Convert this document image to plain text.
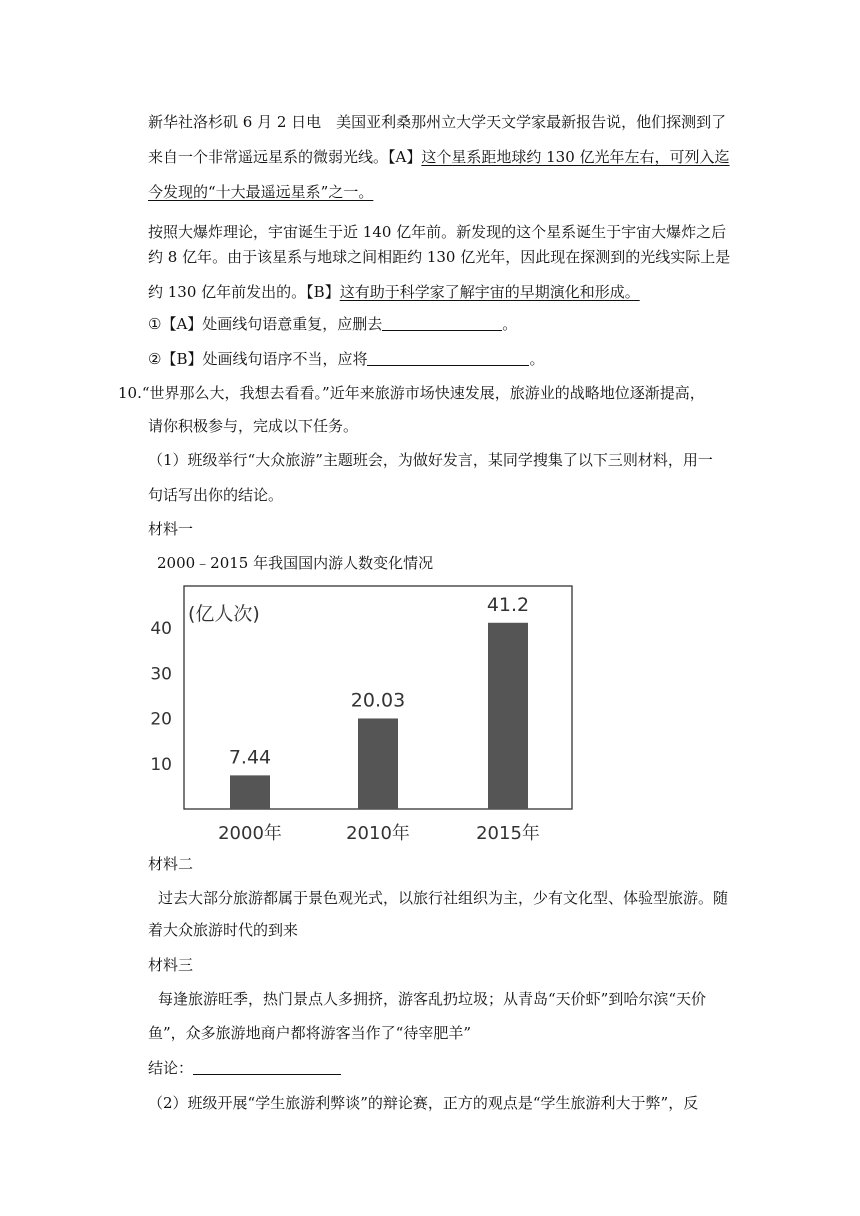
新华社洛杉矶 6 月 2 日电　美国亚利桑那州立大学天文学家最新报告说，他们探测到了
来自一个非常遥远星系的微弱光线。【A】这个星系距地球约 130 亿光年左右，可列入迄
今发现的“十大最遥远星系”之一。
按照大爆炸理论，宇宙诞生于近 140 亿年前。新发现的这个星系诞生于宇宙大爆炸之后
约 8 亿年。由于该星系与地球之间相距约 130 亿光年，因此现在探测到的光线实际上是
约 130 亿年前发出的。【B】这有助于科学家了解宇宙的早期演化和形成。
①【A】处画线句语意重复，应删去	。
②【B】处画线句语序不当，应将	。
10.“世界那么大，我想去看看。”近年来旅游市场快速发展，旅游业的战略地位逐渐提高，
请你积极参与，完成以下任务。
（1）班级举行“大众旅游”主题班会，为做好发言，某同学搜集了以下三则材料，用一
句话写出你的结论。
材料一
2000﹣2015 年我国国内游人数变化情况
(亿人次)
10
20
30
40
7.44
20.03
41.2
2000年	2010年	2015年
材料二
过去大部分旅游都属于景色观光式，以旅行社组织为主，少有文化型、体验型旅游。随
着大众旅游时代的到来
材料三
每逢旅游旺季，热门景点人多拥挤，游客乱扔垃圾；从青岛“天价虾”到哈尔滨“天价
鱼”，众多旅游地商户都将游客当作了“待宰肥羊”
结论：
（2）班级开展“学生旅游利弊谈”的辩论赛，正方的观点是“学生旅游利大于弊”，反
